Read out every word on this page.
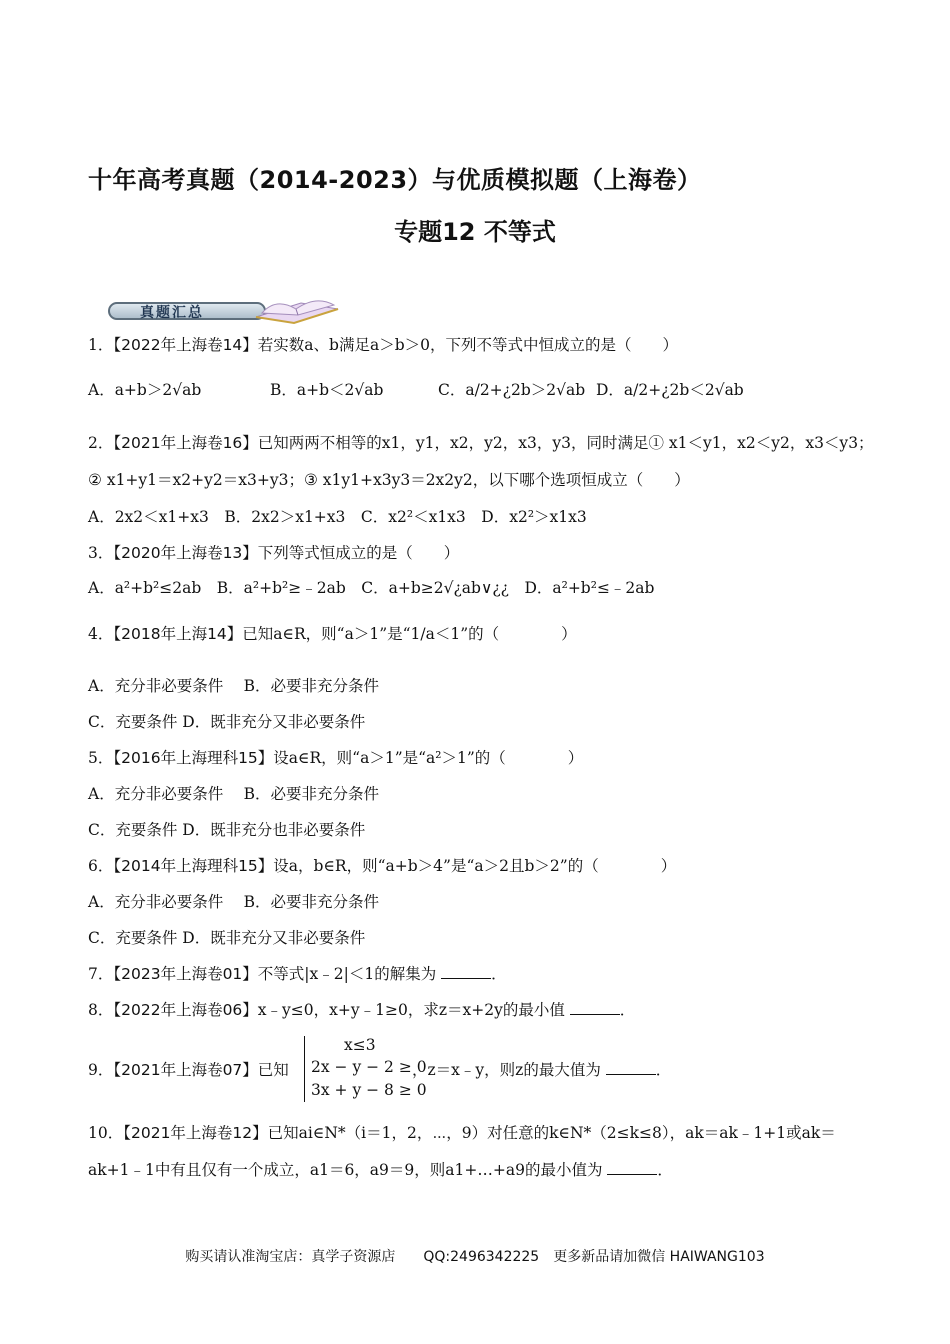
十年高考真题（2014-2023）与优质模拟题（上海卷）
专题12 不等式
真题汇总
1．【2022年上海卷14】若实数a、b满足a＞b＞0，下列不等式中恒成立的是（　　）
A．a+b＞2√ab	B．a+b＜2√ab	C．a/2+¿2b＞2√ab D．a/2+¿2b＜2√ab
2．【2021年上海卷16】已知两两不相等的x1，y1，x2，y2，x3，y3，同时满足① x1＜y1，x2＜y2，x3＜y3；
② x1+y1＝x2+y2＝x3+y3；③ x1y1+x3y3＝2x2y2，以下哪个选项恒成立（　　）
A．2x2＜x1+x3　B．2x2＞x1+x3　C．x2²＜x1x3　D．x2²＞x1x3
3．【2020年上海卷13】下列等式恒成立的是（　　）
A．a²+b²≤2ab　B．a²+b²≥﹣2ab　C．a+b≥2√¿ab∨¿¿　D．a²+b²≤﹣2ab
4．【2018年上海14】已知a∈R，则“a＞1”是“1/a＜1”的（　　　　）
A．充分非必要条件　 B．必要非充分条件
C．充要条件 D．既非充分又非必要条件
5．【2016年上海理科15】设a∈R，则“a＞1”是“a²＞1”的（　　　　）
A．充分非必要条件　 B．必要非充分条件
C．充要条件 D．既非充分也非必要条件
6．【2014年上海理科15】设a，b∈R，则“a+b＞4”是“a＞2且b＞2”的（　　　　）
A．充分非必要条件　 B．必要非充分条件
C．充要条件 D．既非充分又非必要条件
7．【2023年上海卷01】不等式|x﹣2|＜1的解集为	．
8．【2022年上海卷06】x﹣y≤0，x+y﹣1≥0，求z＝x+2y的最小值	．
9．【2021年上海卷07】已知
x≤3
2x − y − 2 ≥ 0
3x + y − 8 ≥ 0
，z＝x﹣y，则z的最大值为	．
10．【2021年上海卷12】已知ai∈N*（i＝1，2，⋯，9）对任意的k∈N*（2≤k≤8），ak＝ak﹣1+1或ak＝
ak+1﹣1中有且仅有一个成立，a1＝6，a9＝9，则a1+…+a9的最小值为	．
购买请认准淘宝店：真学子资源店　　QQ:2496342225　更多新品请加微信 HAIWANG103
